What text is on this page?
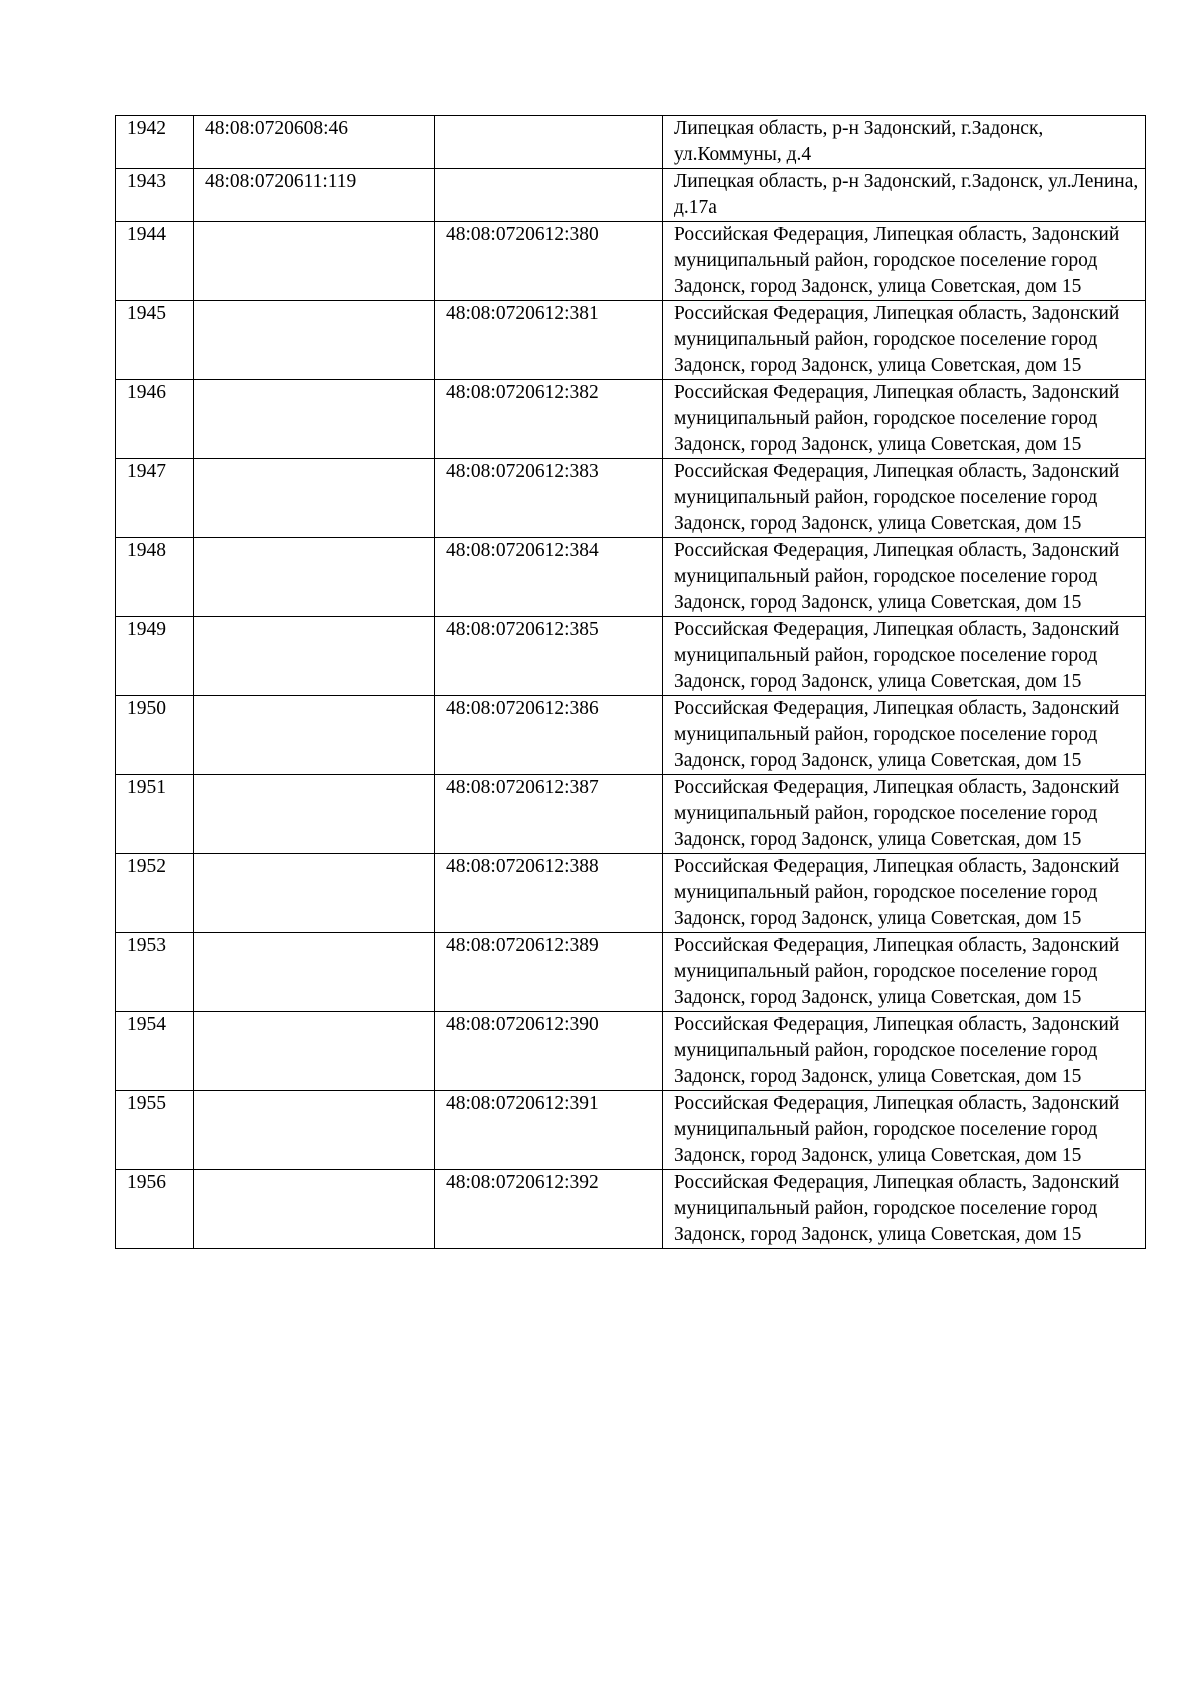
1942	48:08:0720608:46		Липецкая область, р-н Задонский, г.Задонск, ул.Коммуны, д.4
1943	48:08:0720611:119		Липецкая область, р-н Задонский, г.Задонск, ул.Ленина, д.17а
1944		48:08:0720612:380	Российская Федерация, Липецкая область, Задонский муниципальный район, городское поселение город Задонск, город Задонск, улица Советская, дом 15
1945		48:08:0720612:381	Российская Федерация, Липецкая область, Задонский муниципальный район, городское поселение город Задонск, город Задонск, улица Советская, дом 15
1946		48:08:0720612:382	Российская Федерация, Липецкая область, Задонский муниципальный район, городское поселение город Задонск, город Задонск, улица Советская, дом 15
1947		48:08:0720612:383	Российская Федерация, Липецкая область, Задонский муниципальный район, городское поселение город Задонск, город Задонск, улица Советская, дом 15
1948		48:08:0720612:384	Российская Федерация, Липецкая область, Задонский муниципальный район, городское поселение город Задонск, город Задонск, улица Советская, дом 15
1949		48:08:0720612:385	Российская Федерация, Липецкая область, Задонский муниципальный район, городское поселение город Задонск, город Задонск, улица Советская, дом 15
1950		48:08:0720612:386	Российская Федерация, Липецкая область, Задонский муниципальный район, городское поселение город Задонск, город Задонск, улица Советская, дом 15
1951		48:08:0720612:387	Российская Федерация, Липецкая область, Задонский муниципальный район, городское поселение город Задонск, город Задонск, улица Советская, дом 15
1952		48:08:0720612:388	Российская Федерация, Липецкая область, Задонский муниципальный район, городское поселение город Задонск, город Задонск, улица Советская, дом 15
1953		48:08:0720612:389	Российская Федерация, Липецкая область, Задонский муниципальный район, городское поселение город Задонск, город Задонск, улица Советская, дом 15
1954		48:08:0720612:390	Российская Федерация, Липецкая область, Задонский муниципальный район, городское поселение город Задонск, город Задонск, улица Советская, дом 15
1955		48:08:0720612:391	Российская Федерация, Липецкая область, Задонский муниципальный район, городское поселение город Задонск, город Задонск, улица Советская, дом 15
1956		48:08:0720612:392	Российская Федерация, Липецкая область, Задонский муниципальный район, городское поселение город Задонск, город Задонск, улица Советская, дом 15
